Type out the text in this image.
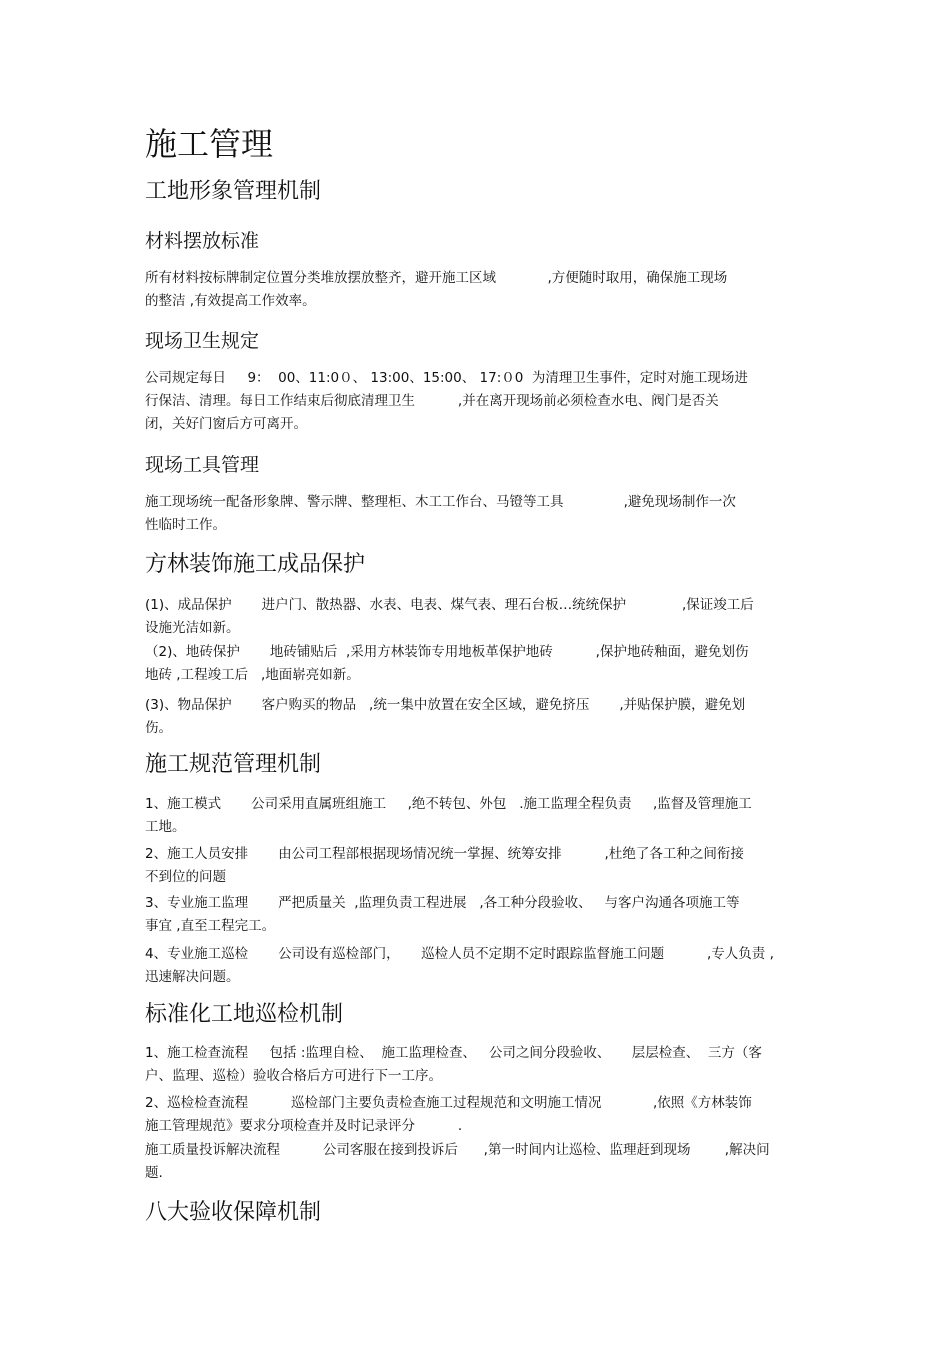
施工管理
工地形象管理机制
材料摆放标准
所有材料按标牌制定位置分类堆放摆放整齐，避开施工区域            ,方便随时取用，确保施工现场
的整洁 ,有效提高工作效率。
现场卫生规定
公司规定每日     9：  00、11:0０、 13:00、15:00、 17:０0  为清理卫生事件，定时对施工现场进
行保洁、清理。每日工作结束后彻底清理卫生          ,并在离开现场前必须检查水电、阀门是否关
闭，关好门窗后方可离开。
现场工具管理
施工现场统一配备形象牌、警示牌、整理柜、木工工作台、马镫等工具              ,避免现场制作一次
性临时工作。
方林装饰施工成品保护
(1)、成品保护       进户门、散热器、水表、电表、煤气表、理石台板…统统保护             ,保证竣工后
设施光洁如新。
（2)、地砖保护       地砖铺贴后  ,采用方林装饰专用地板革保护地砖          ,保护地砖釉面，避免划伤
地砖 ,工程竣工后   ,地面崭亮如新。
(3)、物品保护       客户购买的物品   ,统一集中放置在安全区域，避免挤压       ,并贴保护膜，避免划
伤。
施工规范管理机制
1、施工模式       公司采用直属班组施工     ,绝不转包、外包   .施工监理全程负责     ,监督及管理施工
工地。
2、施工人员安排       由公司工程部根据现场情况统一掌握、统筹安排          ,杜绝了各工种之间衔接
不到位的问题
3、专业施工监理       严把质量关  ,监理负责工程进展   ,各工种分段验收、   与客户沟通各项施工等
事宜 ,直至工程完工。
4、专业施工巡检       公司设有巡检部门，     巡检人员不定期不定时跟踪监督施工问题          ,专人负责 ,
迅速解决问题。
标准化工地巡检机制
1、施工检查流程     包括 :监理自检、  施工监理检查、   公司之间分段验收、     层层检查、  三方（客
户、监理、巡检）验收合格后方可进行下一工序。
2、巡检检查流程          巡检部门主要负责检查施工过程规范和文明施工情况            ,依照《方林装饰
施工管理规范》要求分项检查并及时记录评分          .
施工质量投诉解决流程          公司客服在接到投诉后      ,第一时间内让巡检、监理赶到现场        ,解决问
题.
八大验收保障机制
